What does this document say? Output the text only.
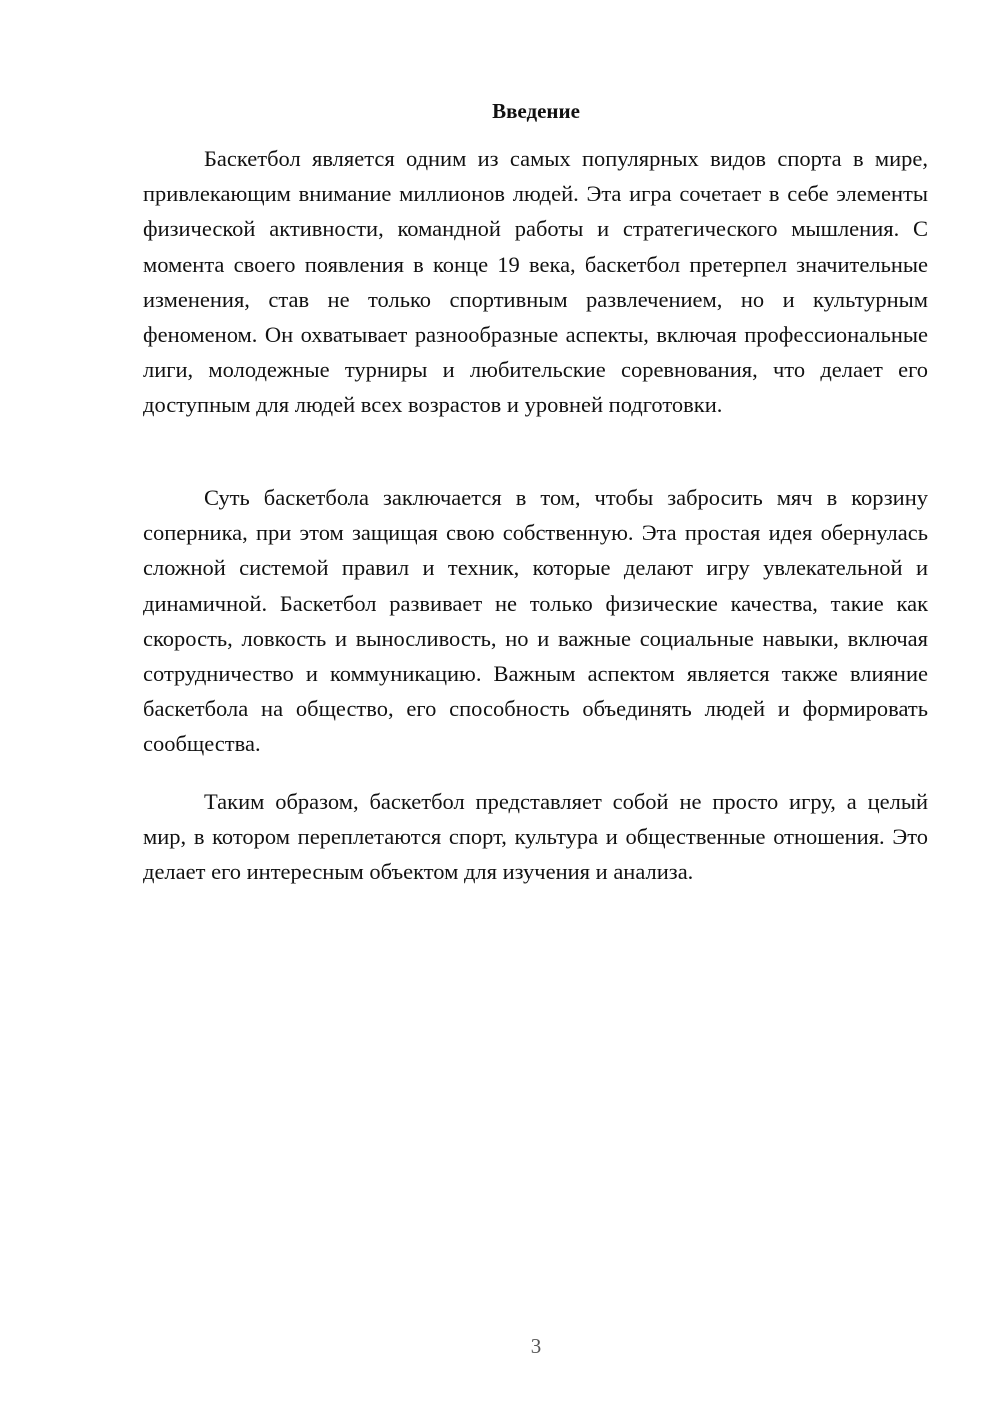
Введение

Баскетбол является одним из самых популярных видов спорта в мире, привлекающим внимание миллионов людей. Эта игра сочетает в себе элементы физической активности, командной работы и стратегического мышления. С момента своего появления в конце 19 века, баскетбол претерпел значительные изменения, став не только спортивным развлечением, но и культурным феноменом. Он охватывает разнообразные аспекты, включая профессиональные лиги, молодежные турниры и любительские соревнования, что делает его доступным для людей всех возрастов и уровней подготовки.

Суть баскетбола заключается в том, чтобы забросить мяч в корзину соперника, при этом защищая свою собственную. Эта простая идея обернулась сложной системой правил и техник, которые делают игру увлекательной и динамичной. Баскетбол развивает не только физические качества, такие как скорость, ловкость и выносливость, но и важные социальные навыки, включая сотрудничество и коммуникацию. Важным аспектом является также влияние баскетбола на общество, его способность объединять людей и формировать сообщества.

Таким образом, баскетбол представляет собой не просто игру, а целый мир, в котором переплетаются спорт, культура и общественные отношения. Это делает его интересным объектом для изучения и анализа.

3
